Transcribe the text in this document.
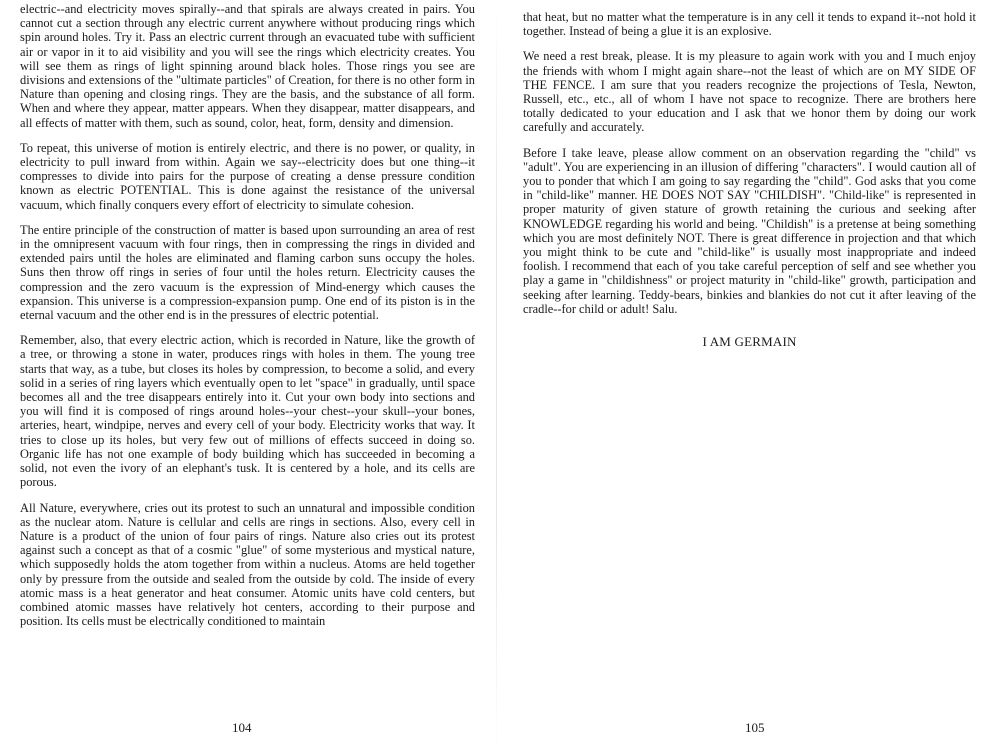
electric--and electricity moves spirally--and that spirals are always created in pairs. You cannot cut a section through any electric current anywhere without producing rings which spin around holes. Try it. Pass an electric current through an evacuated tube with sufficient air or vapor in it to aid visibility and you will see the rings which electricity creates. You will see them as rings of light spinning around black holes. Those rings you see are divisions and extensions of the "ultimate particles" of Creation, for there is no other form in Nature than opening and closing rings. They are the basis, and the substance of all form. When and where they appear, matter appears. When they disappear, matter disappears, and all effects of matter with them, such as sound, color, heat, form, density and dimension.

To repeat, this universe of motion is entirely electric, and there is no power, or quality, in electricity to pull inward from within. Again we say--electricity does but one thing--it compresses to divide into pairs for the purpose of creating a dense pressure condition known as electric POTENTIAL. This is done against the resistance of the universal vacuum, which finally conquers every effort of electricity to simulate cohesion.

The entire principle of the construction of matter is based upon surrounding an area of rest in the omnipresent vacuum with four rings, then in compressing the rings in divided and extended pairs until the holes are eliminated and flaming carbon suns occupy the holes. Suns then throw off rings in series of four until the holes return. Electricity causes the compression and the zero vacuum is the expression of Mind-energy which causes the expansion. This universe is a compression-expansion pump. One end of its piston is in the eternal vacuum and the other end is in the pressures of electric potential.

Remember, also, that every electric action, which is recorded in Nature, like the growth of a tree, or throwing a stone in water, produces rings with holes in them. The young tree starts that way, as a tube, but closes its holes by compression, to become a solid, and every solid in a series of ring layers which eventually open to let "space" in gradually, until space becomes all and the tree disappears entirely into it. Cut your own body into sections and you will find it is composed of rings around holes--your chest--your skull--your bones, arteries, heart, windpipe, nerves and every cell of your body. Electricity works that way. It tries to close up its holes, but very few out of millions of effects succeed in doing so. Organic life has not one example of body building which has succeeded in becoming a solid, not even the ivory of an elephant's tusk. It is centered by a hole, and its cells are porous.

All Nature, everywhere, cries out its protest to such an unnatural and impossible condition as the nuclear atom. Nature is cellular and cells are rings in sections. Also, every cell in Nature is a product of the union of four pairs of rings. Nature also cries out its protest against such a concept as that of a cosmic "glue" of some mysterious and mystical nature, which supposedly holds the atom together from within a nucleus. Atoms are held together only by pressure from the outside and sealed from the outside by cold. The inside of every atomic mass is a heat generator and heat consumer. Atomic units have cold centers, but combined atomic masses have relatively hot centers, according to their purpose and position. Its cells must be electrically conditioned to maintain

104

that heat, but no matter what the temperature is in any cell it tends to expand it--not hold it together. Instead of being a glue it is an explosive.

We need a rest break, please. It is my pleasure to again work with you and I much enjoy the friends with whom I might again share--not the least of which are on MY SIDE OF THE FENCE. I am sure that you readers recognize the projections of Tesla, Newton, Russell, etc., etc., all of whom I have not space to recognize. There are brothers here totally dedicated to your education and I ask that we honor them by doing our work carefully and accurately.

Before I take leave, please allow comment on an observation regarding the "child" vs "adult". You are experiencing in an illusion of differing "characters". I would caution all of you to ponder that which I am going to say regarding the "child". God asks that you come in "child-like" manner. HE DOES NOT SAY "CHILDISH". "Child-like" is represented in proper maturity of given stature of growth retaining the curious and seeking after KNOWLEDGE regarding his world and being. "Childish" is a pretense at being something which you are most definitely NOT. There is great difference in projection and that which you might think to be cute and "child-like" is usually most inappropriate and indeed foolish. I recommend that each of you take careful perception of self and see whether you play a game in "childishness" or project maturity in "child-like" growth, participation and seeking after learning. Teddy-bears, binkies and blankies do not cut it after leaving of the cradle--for child or adult! Salu.

I AM GERMAIN
105
